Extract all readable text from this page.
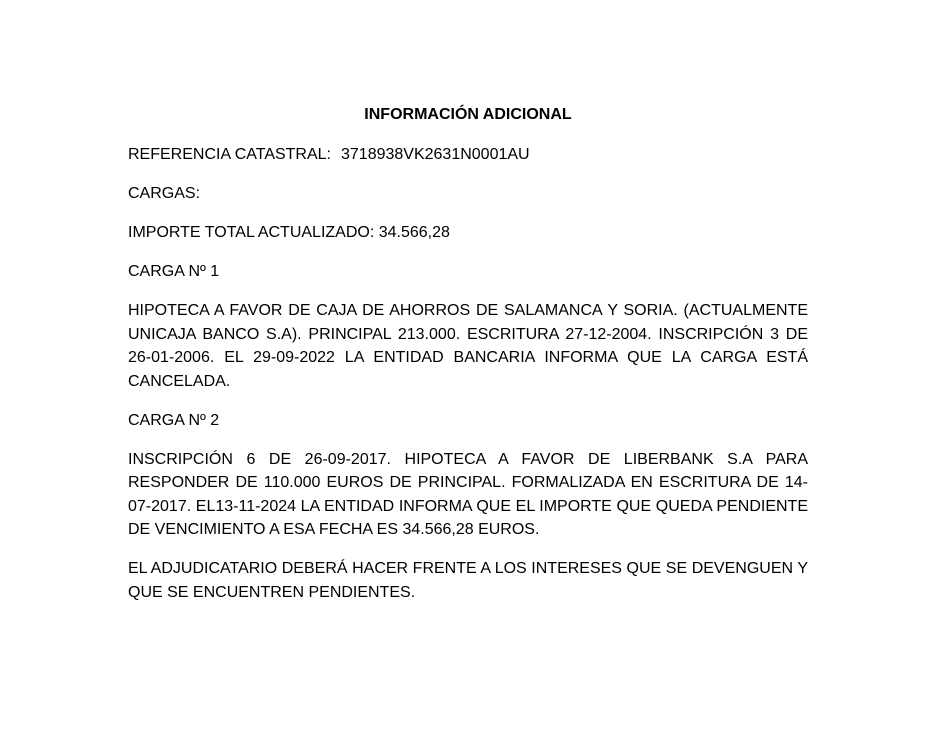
INFORMACIÓN ADICIONAL
REFERENCIA CATASTRAL: 3718938VK2631N0001AU
CARGAS:
IMPORTE TOTAL ACTUALIZADO: 34.566,28
CARGA Nº 1
HIPOTECA A FAVOR DE CAJA DE AHORROS DE SALAMANCA Y SORIA. (ACTUALMENTE UNICAJA BANCO S.A). PRINCIPAL 213.000. ESCRITURA 27-12-2004. INSCRIPCIÓN 3 DE 26-01-2006. EL 29-09-2022 LA ENTIDAD BANCARIA INFORMA QUE LA CARGA ESTÁ CANCELADA.
CARGA Nº 2
INSCRIPCIÓN 6 DE 26-09-2017. HIPOTECA A FAVOR DE LIBERBANK S.A PARA RESPONDER DE 110.000 EUROS DE PRINCIPAL. FORMALIZADA EN ESCRITURA DE 14-07-2017. EL13-11-2024 LA ENTIDAD INFORMA QUE EL IMPORTE QUE QUEDA PENDIENTE DE VENCIMIENTO A ESA FECHA ES 34.566,28 EUROS.
EL ADJUDICATARIO DEBERÁ HACER FRENTE A LOS INTERESES QUE SE DEVENGUEN Y QUE SE ENCUENTREN PENDIENTES.
